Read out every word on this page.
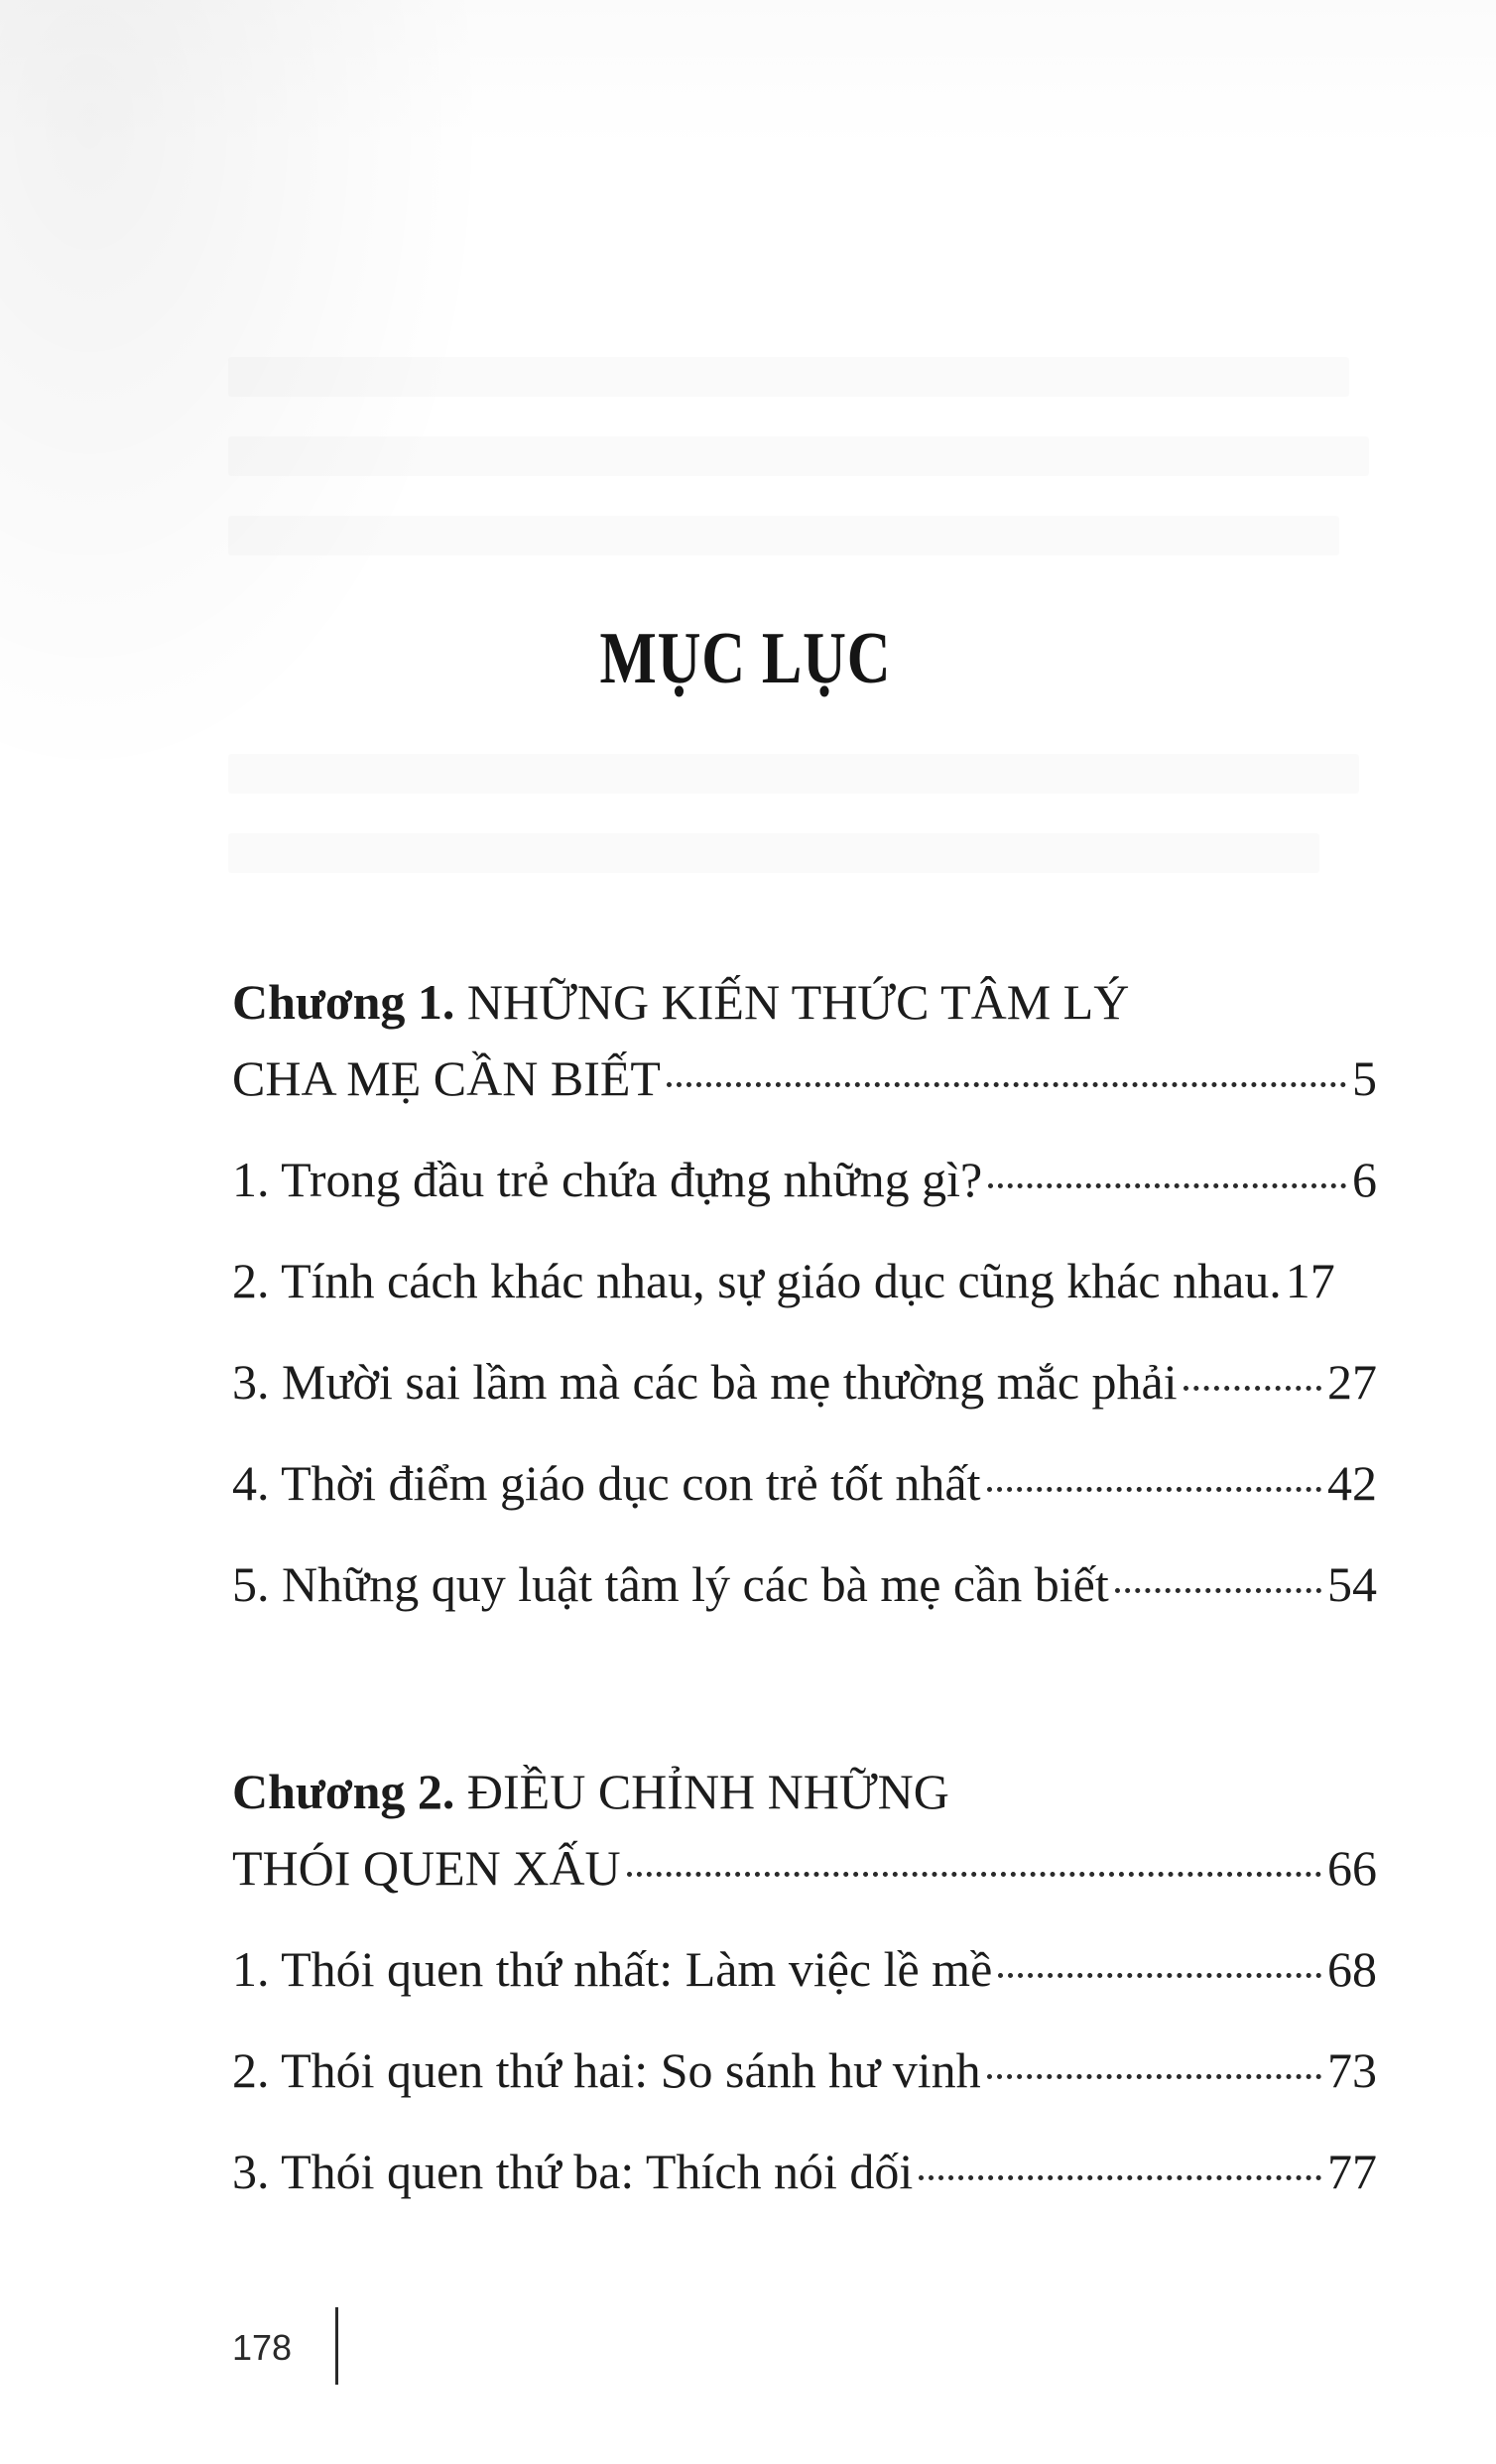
MỤC LỤC
Chương 1. NHỮNG KIẾN THỨC TÂM LÝ
CHA MẸ CẦN BIẾT	5
1. Trong đầu trẻ chứa đựng những gì?	6
2. Tính cách khác nhau, sự giáo dục cũng khác nhau. 17
3. Mười sai lầm mà các bà mẹ thường mắc phải	27
4. Thời điểm giáo dục con trẻ tốt nhất	42
5. Những quy luật tâm lý các bà mẹ cần biết	54
Chương 2. ĐIỀU CHỈNH NHỮNG
THÓI QUEN XẤU	66
1. Thói quen thứ nhất: Làm việc lề mề	68
2. Thói quen thứ hai: So sánh hư vinh	73
3. Thói quen thứ ba: Thích nói dối	77
178
